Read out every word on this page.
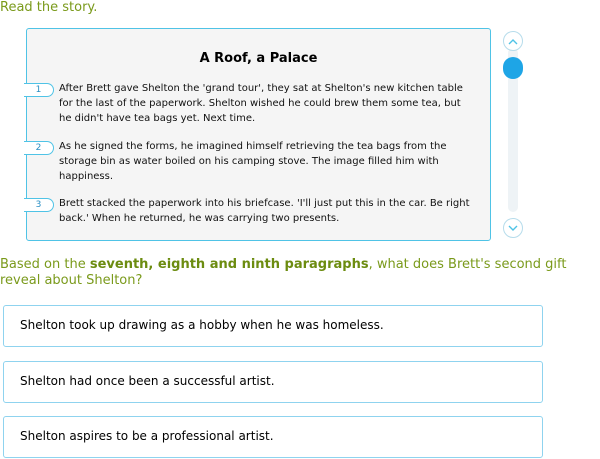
Read the story.
A Roof, a Palace
1	After Brett gave Shelton the 'grand tour', they sat at Shelton's new kitchen table for the last of the paperwork. Shelton wished he could brew them some tea, but he didn't have tea bags yet. Next time.
2	As he signed the forms, he imagined himself retrieving the tea bags from the storage bin as water boiled on his camping stove. The image filled him with happiness.
3	Brett stacked the paperwork into his briefcase. 'I'll just put this in the car. Be right back.' When he returned, he was carrying two presents.
Based on the seventh, eighth and ninth paragraphs, what does Brett's second gift reveal about Shelton?
Shelton took up drawing as a hobby when he was homeless.
Shelton had once been a successful artist.
Shelton aspires to be a professional artist.
